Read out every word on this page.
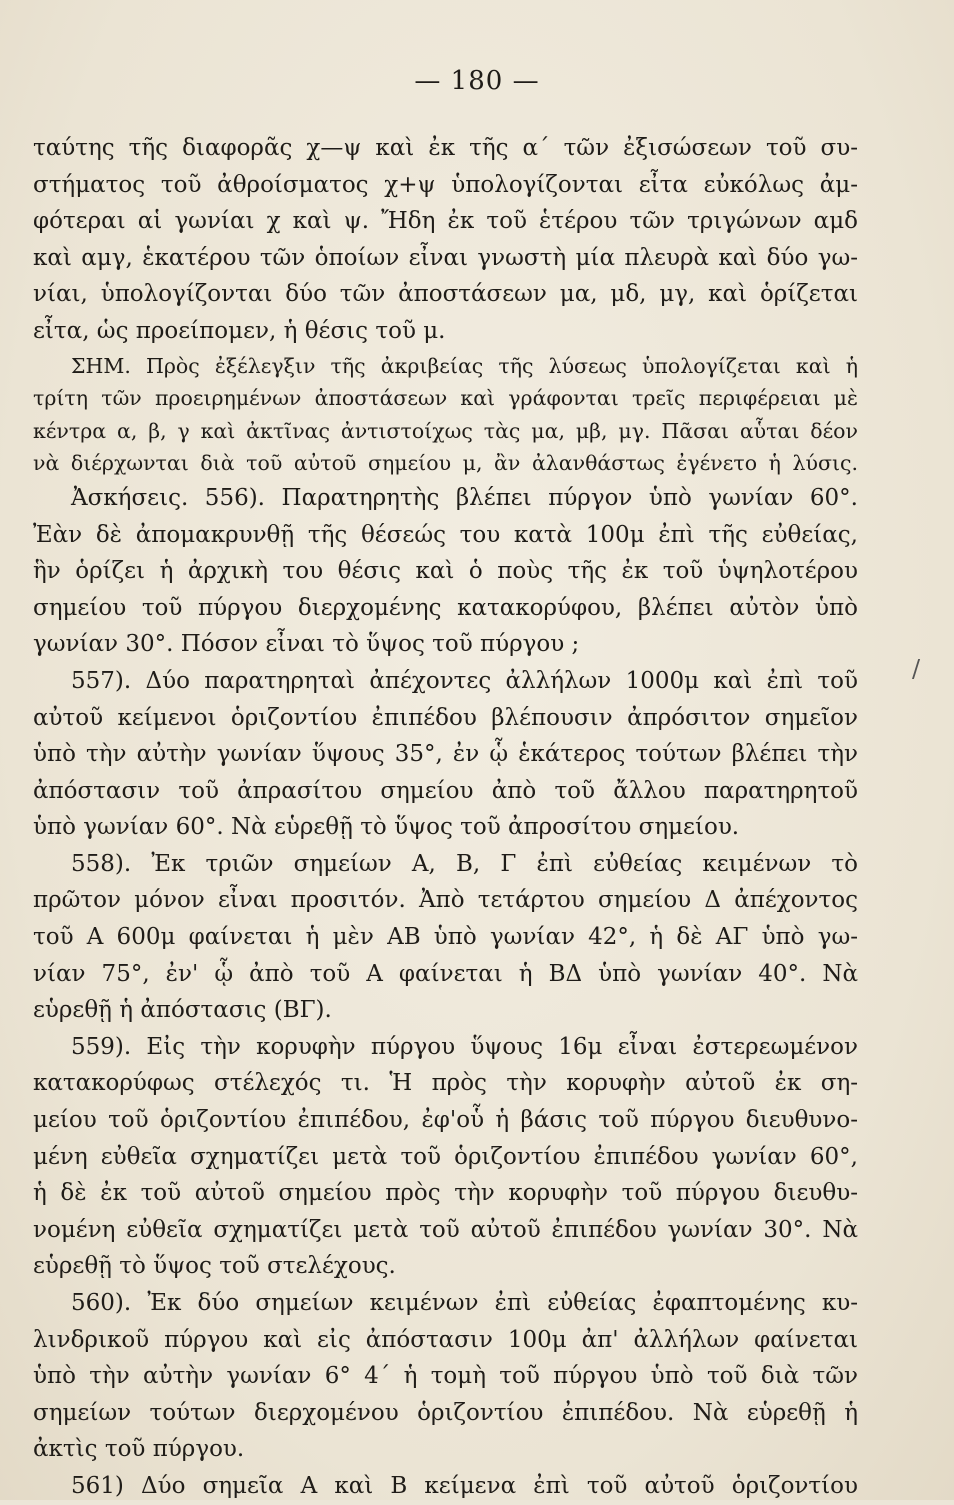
— 180 —
/
ταύτης τῆς διαφορᾶς χ—ψ καὶ ἐκ τῆς α΄ τῶν ἐξισώσεων τοῦ συ-
στήματος τοῦ ἀθροίσματος χ+ψ ὑπολογίζονται εἶτα εὐκόλως ἀμ-
φότεραι αἱ γωνίαι χ καὶ ψ. Ἤδη ἐκ τοῦ ἑτέρου τῶν τριγώνων αμδ
καὶ αμγ, ἑκατέρου τῶν ὁποίων εἶναι γνωστὴ μία πλευρὰ καὶ δύο γω-
νίαι, ὑπολογίζονται δύο τῶν ἀποστάσεων μα, μδ, μγ, καὶ ὁρίζεται
εἶτα, ὡς προείπομεν, ἡ θέσις τοῦ μ.
ΣΗΜ. Πρὸς ἐξέλεγξιν τῆς ἀκριβείας τῆς λύσεως ὑπολογίζεται καὶ ἡ
τρίτη τῶν προειρημένων ἀποστάσεων καὶ γράφονται τρεῖς περιφέρειαι μὲ
κέντρα α, β, γ καὶ ἀκτῖνας ἀντιστοίχως τὰς μα, μβ, μγ. Πᾶσαι αὗται δέον
νὰ διέρχωνται διὰ τοῦ αὐτοῦ σημείου μ, ἂν ἀλανθάστως ἐγένετο ἡ λύσις.
Ἀσκήσεις. 556). Παρατηρητὴς βλέπει πύργον ὑπὸ γωνίαν 60°.
Ἐὰν δὲ ἀπομακρυνθῇ τῆς θέσεώς του κατὰ 100μ ἐπὶ τῆς εὐθείας,
ἣν ὁρίζει ἡ ἀρχικὴ του θέσις καὶ ὁ ποὺς τῆς ἐκ τοῦ ὑψηλοτέρου
σημείου τοῦ πύργου διερχομένης κατακορύφου, βλέπει αὐτὸν ὑπὸ
γωνίαν 30°. Πόσον εἶναι τὸ ὕψος τοῦ πύργου ;
557). Δύο παρατηρηταὶ ἀπέχοντες ἀλλήλων 1000μ καὶ ἐπὶ τοῦ
αὐτοῦ κείμενοι ὁριζοντίου ἐπιπέδου βλέπουσιν ἀπρόσιτον σημεῖον
ὑπὸ τὴν αὐτὴν γωνίαν ὕψους 35°, ἐν ᾧ ἑκάτερος τούτων βλέπει τὴν
ἀπόστασιν τοῦ ἀπρασίτου σημείου ἀπὸ τοῦ ἄλλου παρατηρητοῦ
ὑπὸ γωνίαν 60°. Νὰ εὑρεθῇ τὸ ὕψος τοῦ ἀπροσίτου σημείου.
558). Ἐκ τριῶν σημείων Α, Β, Γ ἐπὶ εὐθείας κειμένων τὸ
πρῶτον μόνον εἶναι προσιτόν. Ἀπὸ τετάρτου σημείου Δ ἀπέχοντος
τοῦ Α 600μ φαίνεται ἡ μὲν ΑΒ ὑπὸ γωνίαν 42°, ἡ δὲ ΑΓ ὑπὸ γω-
νίαν 75°, ἐν' ᾧ ἀπὸ τοῦ Α φαίνεται ἡ ΒΔ ὑπὸ γωνίαν 40°. Νὰ
εὑρεθῇ ἡ ἀπόστασις (ΒΓ).
559). Εἰς τὴν κορυφὴν πύργου ὕψους 16μ εἶναι ἐστερεωμένον
κατακορύφως στέλεχός τι. Ἡ πρὸς τὴν κορυφὴν αὐτοῦ ἐκ ση-
μείου τοῦ ὁριζοντίου ἐπιπέδου, ἐφ'οὗ ἡ βάσις τοῦ πύργου διευθυνο-
μένη εὐθεῖα σχηματίζει μετὰ τοῦ ὁριζοντίου ἐπιπέδου γωνίαν 60°,
ἡ δὲ ἐκ τοῦ αὐτοῦ σημείου πρὸς τὴν κορυφὴν τοῦ πύργου διευθυ-
νομένη εὐθεῖα σχηματίζει μετὰ τοῦ αὐτοῦ ἐπιπέδου γωνίαν 30°. Νὰ
εὑρεθῇ τὸ ὕψος τοῦ στελέχους.
560). Ἐκ δύο σημείων κειμένων ἐπὶ εὐθείας ἐφαπτομένης κυ-
λινδρικοῦ πύργου καὶ εἰς ἀπόστασιν 100μ ἀπ' ἀλλήλων φαίνεται
ὑπὸ τὴν αὐτὴν γωνίαν 6° 4΄ ἡ τομὴ τοῦ πύργου ὑπὸ τοῦ διὰ τῶν
σημείων τούτων διερχομένου ὁριζοντίου ἐπιπέδου. Νὰ εὑρεθῇ ἡ
ἀκτὶς τοῦ πύργου.
561) Δύο σημεῖα Α καὶ Β κείμενα ἐπὶ τοῦ αὐτοῦ ὁριζοντίου
